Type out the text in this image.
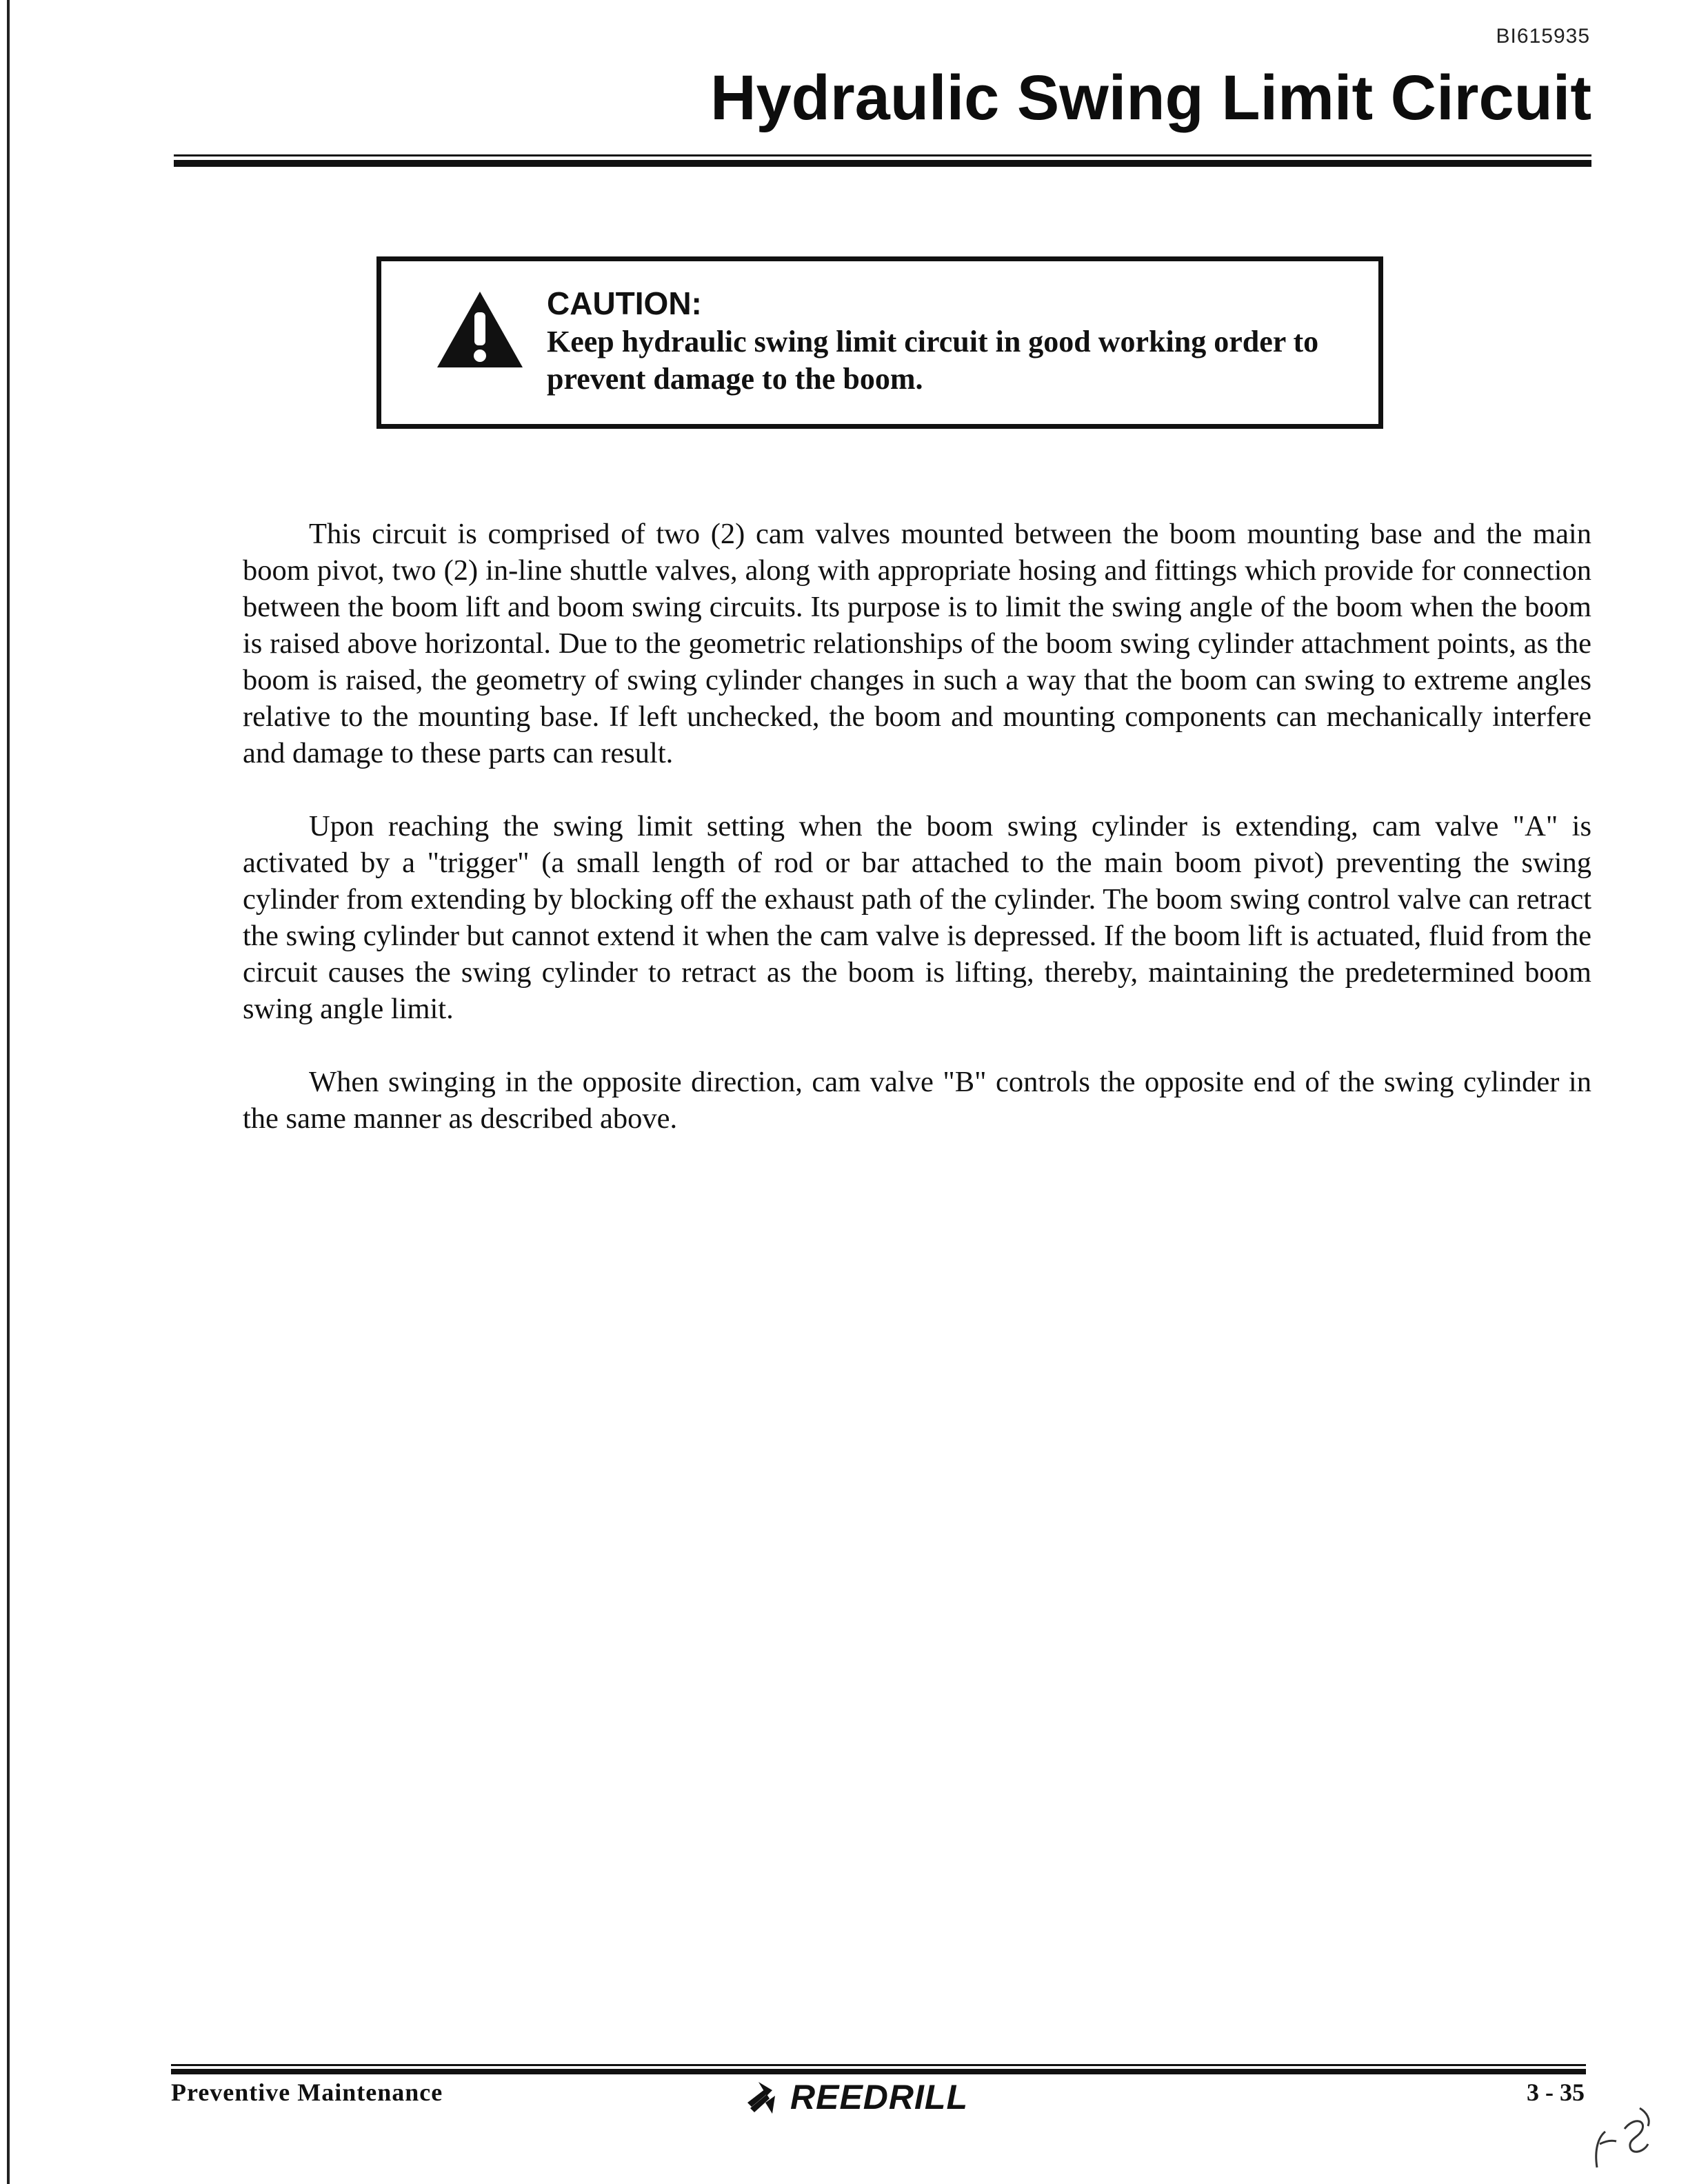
BI615935
Hydraulic Swing Limit Circuit
CAUTION:

Keep hydraulic swing limit circuit in good working order to prevent damage to the boom.

This circuit is comprised of two (2) cam valves mounted between the boom mounting base and the main boom pivot, two (2) in-line shuttle valves, along with appropriate hosing and fittings which provide for connection between the boom lift and boom swing circuits. Its purpose is to limit the swing angle of the boom when the boom is raised above horizontal. Due to the geometric relationships of the boom swing cylinder attachment points, as the boom is raised, the geometry of swing cylinder changes in such a way that the boom can swing to extreme angles relative to the mounting base. If left unchecked, the boom and mounting components can mechanically interfere and damage to these parts can result.

Upon reaching the swing limit setting when the boom swing cylinder is extending, cam valve "A" is activated by a "trigger" (a small length of rod or bar attached to the main boom pivot) preventing the swing cylinder from extending by blocking off the exhaust path of the cylinder. The boom swing control valve can retract the swing cylinder but cannot extend it when the cam valve is depressed. If the boom lift is actuated, fluid from the circuit causes the swing cylinder to retract as the boom is lifting, thereby, maintaining the predetermined boom swing angle limit.

When swinging in the opposite direction, cam valve "B" controls the opposite end of the swing cylinder in the same manner as described above.

Preventive Maintenance	REEDRILL	3 - 35
